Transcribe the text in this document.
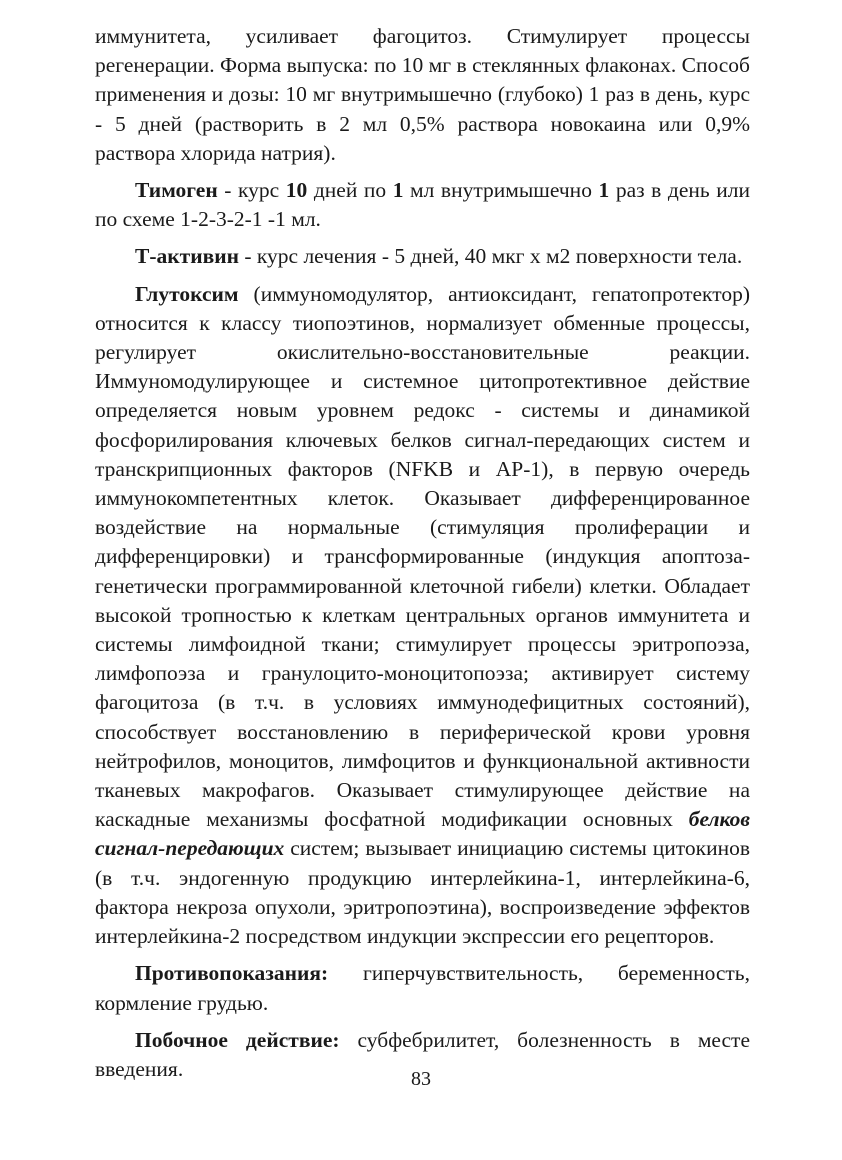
иммунитета, усиливает фагоцитоз. Стимулирует процессы регенерации. Форма выпуска: по 10 мг в стеклянных флаконах. Способ применения и дозы: 10 мг внутримышечно (глубоко) 1 раз в день, курс - 5 дней (растворить в 2 мл 0,5% раствора новокаина или 0,9% раствора хлорида натрия).

Тимоген - курс 10 дней по 1 мл внутримышечно 1 раз в день или по схеме 1-2-3-2-1 -1 мл.

Т-активин - курс лечения - 5 дней, 40 мкг х м2 поверхности тела.

Глутоксим (иммуномодулятор, антиоксидант, гепатопротектор) относится к классу тиопоэтинов, нормализует обменные процессы, регулирует окислительно-восстановительные реакции. Иммуномодулирующее и системное цитопротективное действие определяется новым уровнем редокс - системы и динамикой фосфорилирования ключевых белков сигнал-передающих систем и транскрипционных факторов (NFKB и AP-1), в первую очередь иммунокомпетентных клеток. Оказывает дифференцированное воздействие на нормальные (стимуляция пролиферации и дифференцировки) и трансформированные (индукция апоптоза- генетически программированной клеточной гибели) клетки. Обладает высокой тропностью к клеткам центральных органов иммунитета и системы лимфоидной ткани; стимулирует процессы эритропоэза, лимфопоэза и гранулоцито-моноцитопоэза; активирует систему фагоцитоза (в т.ч. в условиях иммунодефицитных состояний), способствует восстановлению в периферической крови уровня нейтрофилов, моноцитов, лимфоцитов и функциональной активности тканевых макрофагов. Оказывает стимулирующее действие на каскадные механизмы фосфатной модификации основных белков сигнал-передающих систем; вызывает инициацию системы цитокинов (в т.ч. эндогенную продукцию интерлейкина-1, интерлейкина-6, фактора некроза опухоли, эритропоэтина), воспроизведение эффектов интерлейкина-2 посредством индукции экспрессии его рецепторов.

Противопоказания: гиперчувствительность, беременность, кормление грудью.

Побочное действие: субфебрилитет, болезненность в месте введения.	83
